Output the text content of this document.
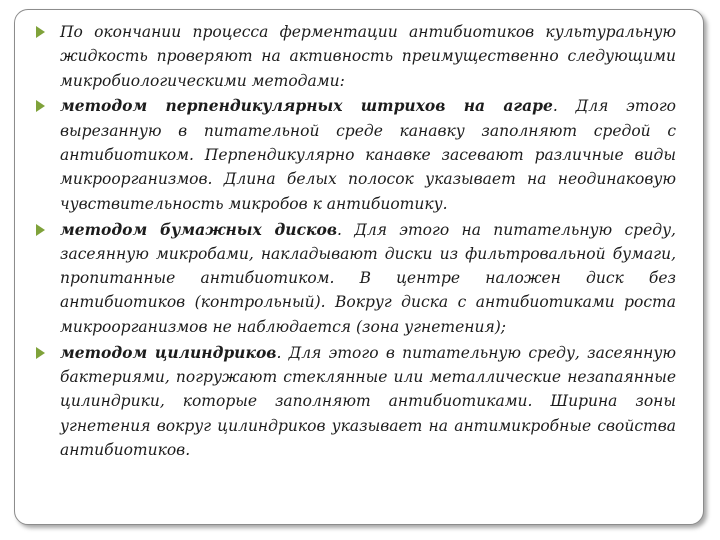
По окончании процесса ферментации антибиотиков культуральную жидкость проверяют на активность преимущественно следующими микробиологическими методами:
методом перпендикулярных штрихов на агаре. Для этого вырезанную в питательной среде канавку заполняют средой с антибиотиком. Перпендикулярно канавке засевают различные виды микроорганизмов. Длина белых полосок указывает на неодинаковую чувствительность микробов к антибиотику.
методом бумажных дисков. Для этого на питательную среду, засеянную микробами, накладывают диски из фильтровальной бумаги, пропитанные антибиотиком. В центре наложен диск без антибиотиков (контрольный). Вокруг диска с антибиотиками роста микроорганизмов не наблюдается (зона угнетения);
методом цилиндриков. Для этого в питательную среду, засеянную бактериями, погружают стеклянные или металлические незапаянные цилиндрики, которые заполняют антибиотиками. Ширина зоны угнетения вокруг цилиндриков указывает на антимикробные свойства антибиотиков.
